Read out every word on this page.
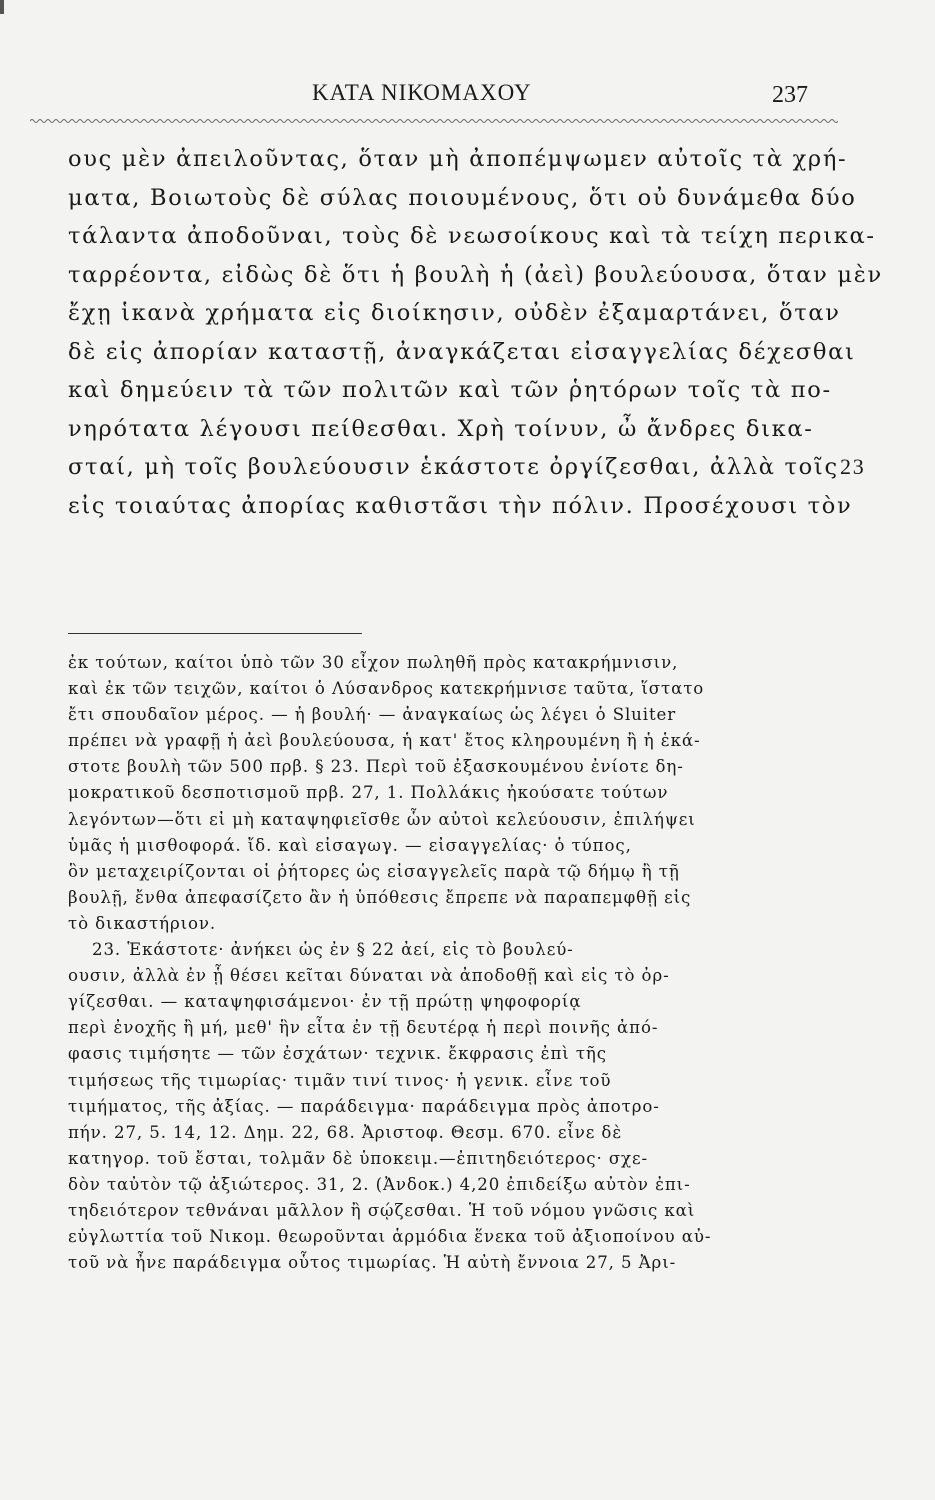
ΚΑΤΑ ΝΙΚΟΜΑΧΟΥ	237
ους μὲν ἀπειλοῦντας, ὅταν μὴ ἀποπέμψωμεν αὐτοῖς τὰ χρή-
ματα, Βοιωτοὺς δὲ σύλας ποιουμένους, ὅτι οὐ δυνάμεθα δύο
τάλαντα ἀποδοῦναι, τοὺς δὲ νεωσοίκους καὶ τὰ τείχη περικα-
ταρρέοντα, εἰδὼς δὲ ὅτι ἡ βουλὴ ἡ (ἀεὶ) βουλεύουσα, ὅταν μὲν
ἔχῃ ἱκανὰ χρήματα εἰς διοίκησιν, οὐδὲν ἐξαμαρτάνει, ὅταν
δὲ εἰς ἀπορίαν καταστῇ, ἀναγκάζεται εἰσαγγελίας δέχεσθαι
καὶ δημεύειν τὰ τῶν πολιτῶν καὶ τῶν ῥητόρων τοῖς τὰ πο-
νηρότατα λέγουσι πείθεσθαι. Χρὴ τοίνυν, ὦ ἄνδρες δικα-
σταί, μὴ τοῖς βουλεύουσιν ἑκάστοτε ὀργίζεσθαι, ἀλλὰ τοῖς 23
εἰς τοιαύτας ἀπορίας καθιστᾶσι τὴν πόλιν. Προσέχουσι τὸν
ἐκ τούτων, καίτοι ὑπὸ τῶν 30 εἶχον πωληθῆ πρὸς κατακρήμνισιν,
καὶ ἐκ τῶν τειχῶν, καίτοι ὁ Λύσανδρος κατεκρήμνισε ταῦτα, ἵστατο
ἔτι σπουδαῖον μέρος. — ἡ βουλή· — ἀναγκαίως ὡς λέγει ὁ Sluiter
πρέπει νὰ γραφῇ ἡ ἀεὶ βουλεύουσα, ἡ κατ' ἔτος κληρουμένη ἢ ἡ ἑκά-
στοτε βουλὴ τῶν 500 πρβ. § 23. Περὶ τοῦ ἐξασκουμένου ἐνίοτε δη-
μοκρατικοῦ δεσποτισμοῦ πρβ. 27, 1. Πολλάκις ἠκούσατε τούτων
λεγόντων—ὅτι εἰ μὴ καταψηφιεῖσθε ὧν αὐτοὶ κελεύουσιν, ἐπιλήψει
ὑμᾶς ἡ μισθοφορά. ἴδ. καὶ εἰσαγωγ. — εἰσαγγελίας· ὁ τύπος,
ὃν μεταχειρίζονται οἱ ῥήτορες ὡς εἰσαγγελεῖς παρὰ τῷ δήμῳ ἢ τῇ
βουλῇ, ἔνθα ἀπεφασίζετο ἂν ἡ ὑπόθεσις ἔπρεπε νὰ παραπεμφθῇ εἰς
τὸ δικαστήριον.
23. Ἑκάστοτε· ἀνήκει ὡς ἐν § 22 ἀεί, εἰς τὸ βουλεύ-
ουσιν, ἀλλὰ ἐν ᾗ θέσει κεῖται δύναται νὰ ἀποδοθῇ καὶ εἰς τὸ ὀρ-
γίζεσθαι. — καταψηφισάμενοι· ἐν τῇ πρώτῃ ψηφοφορίᾳ
περὶ ἐνοχῆς ἢ μή, μεθ' ἣν εἶτα ἐν τῇ δευτέρᾳ ἡ περὶ ποινῆς ἀπό-
φασις τιμήσητε — τῶν ἐσχάτων· τεχνικ. ἔκφρασις ἐπὶ τῆς
τιμήσεως τῆς τιμωρίας· τιμᾶν τινί τινος· ἡ γενικ. εἶνε τοῦ
τιμήματος, τῆς ἀξίας. — παράδειγμα· παράδειγμα πρὸς ἀποτρο-
πήν. 27, 5. 14, 12. Δημ. 22, 68. Ἀριστοφ. Θεσμ. 670. εἶνε δὲ
κατηγορ. τοῦ ἔσται, τολμᾶν δὲ ὑποκειμ.—ἐπιτηδειότερος· σχε-
δὸν ταὐτὸν τῷ ἀξιώτερος. 31, 2. (Ἀνδοκ.) 4,20 ἐπιδείξω αὐτὸν ἐπι-
τηδειότερον τεθνάναι μᾶλλον ἢ σῴζεσθαι. Ἡ τοῦ νόμου γνῶσις καὶ
εὐγλωττία τοῦ Νικομ. θεωροῦνται ἁρμόδια ἕνεκα τοῦ ἀξιοποίνου αὐ-
τοῦ νὰ ἦνε παράδειγμα οὗτος τιμωρίας. Ἡ αὐτὴ ἔννοια 27, 5 Ἀρι-
